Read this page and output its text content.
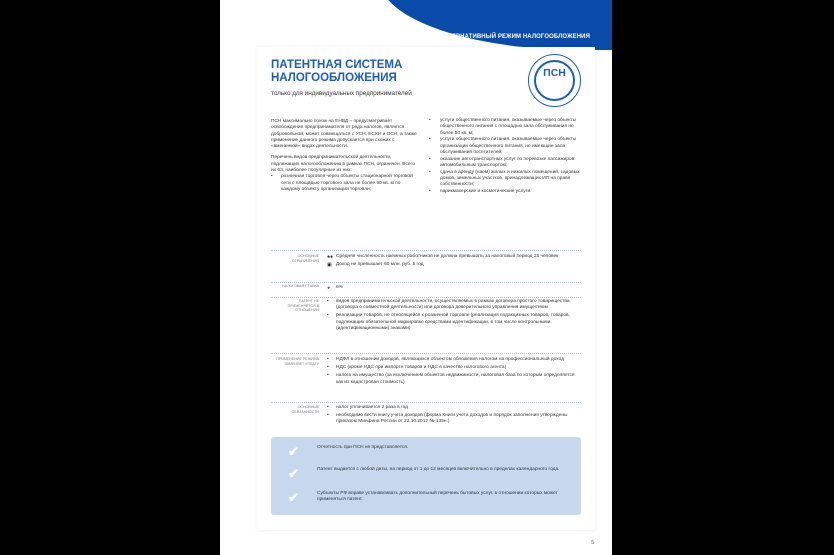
ВЫБИРАЕМ АЛЬТЕРНАТИВНЫЙ РЕЖИМ НАЛОГООБЛОЖЕНИЯ
ПАТЕНТНАЯ СИСТЕМА
НАЛОГООБЛОЖЕНИЯ
только для индивидуальных предпринимателей
ПСН

ПСН максимально похож на ЕНВД – предусматривает освобождение предпринимателя от ряда налогов, является добровольной, может совмещаться с УСН, ЕСХН и ОСН, а также применение данного режима допускается при схожих с «вмененкой» видах деятельности.

Перечень видов предпринимательской деятельности, подлежащих налогообложению в рамках ПСН, ограничен. Всего их 63, наиболее популярные из них:

• розничная торговля через объекты стационарной торговой сети с площадью торгового зала не более 50 кв. м по каждому объекту организации торговли;
• услуги общественного питания, оказываемые через объекты общественного питания с площадью зала обслуживания не более 50 кв. м;
• услуги общественного питания, оказываемые через объекты организации общественного питания, не имеющие зала обслуживания посетителей;
• оказание автотранспортных услуг по перевозке пассажиров автомобильным транспортом;
• сдача в аренду (наем) жилых и нежилых помещений, садовых домов, земельных участков, принадлежащих ИП на праве собственности;
• парикмахерские и косметические услуги.
ОСНОВНЫЕ ОГРАНИЧЕНИЯ
●● Средняя численность наемных работников не должна превышать за налоговый период 15 человек
▣ Доход не превышает 60 млн. руб. в год
НАЛОГОВАЯ СТАВКА ◕	6%
ПАТЕНТ НЕ ПРИМЕНЯЕТСЯ В ОТНОШЕНИИ
• видов предпринимательской деятельности, осуществляемых в рамках договора простого товарищества (договора о совместной деятельности) или договора доверительного управления имуществом
• реализации товаров, не относящейся к розничной торговле (реализация подакцизных товаров, товаров, подлежащих обязательной маркировке средствами идентификации, в том числе контрольными (идентификационными) знаками)
ПРИМЕНЕНИЕ РЕЖИМА ЗАМЕНЯЕТ УПЛАТУ
• НДФЛ в отношении доходов, являющихся объектом обложения налогом на профессиональный доход
• НДС (кроме НДС при импорте товаров и НДС в качестве налогового агента)
• налога на имущество (за исключением объектов недвижимости, налоговая база по которым определяется как их кадастровая стоимость)
ОСНОВНЫЕ ОБЯЗАННОСТИ
• налог уплачивается 2 раза в год
• необходимо вести книгу учета доходов (форма Книги учета доходов и порядок заполнения утверждены приказом Минфина России от 22.10.2012 № 135н.)
✔	Отчетность при ПСН не представляется.
✔	Патент выдается с любой даты, на период от 1 до 12 месяцев включительно в пределах календарного года.
✔	Субъекты РФ вправе устанавливать дополнительный перечень бытовых услуг, в отношении которых может применяться патент.
5
